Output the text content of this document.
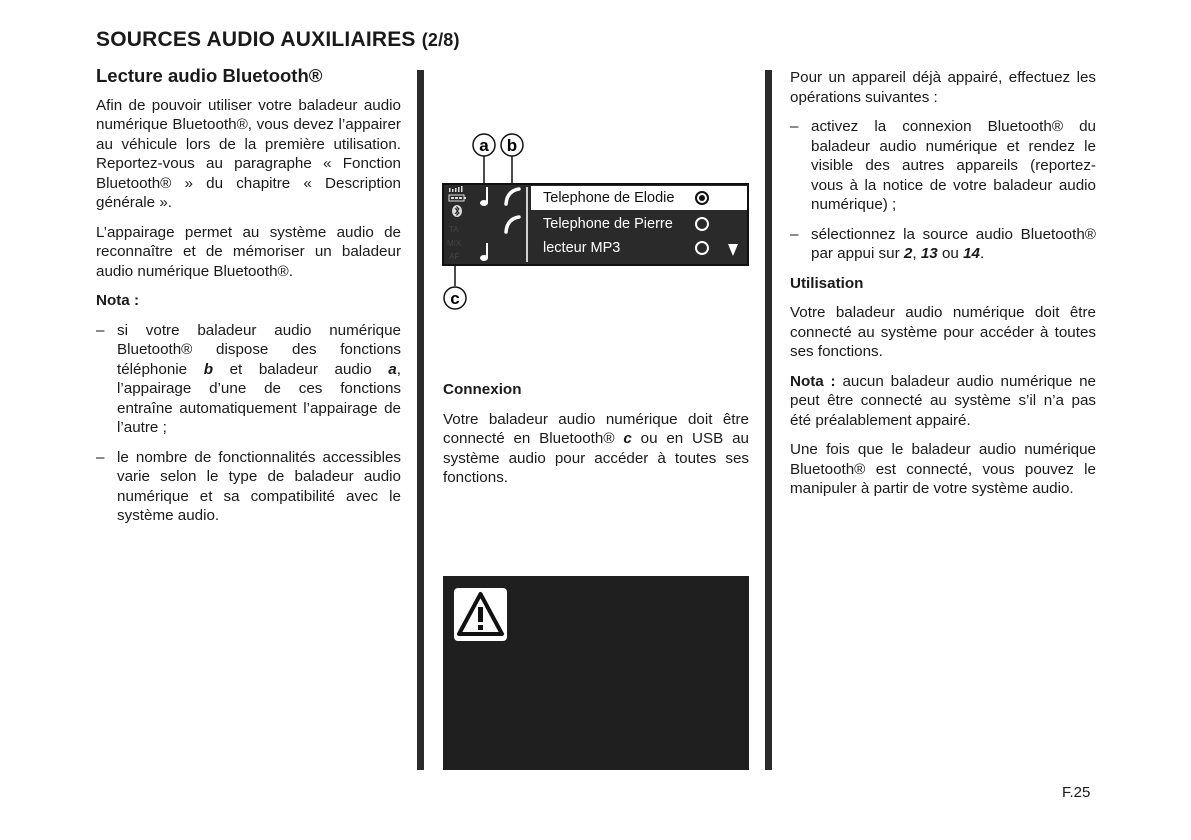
SOURCES AUDIO AUXILIAIRES (2/8)
Lecture audio Bluetooth®

Afin de pouvoir utiliser votre baladeur audio numérique Bluetooth®, vous devez l’appairer au véhicule lors de la première utilisation. Reportez-vous au paragraphe « Fonction Bluetooth® » du chapitre « Description générale ».

L’appairage permet au système audio de reconnaître et de mémoriser un baladeur audio numérique Bluetooth®.

Nota :

– si votre baladeur audio numérique Bluetooth® dispose des fonctions téléphonie b et baladeur audio a, l’appairage d’une de ces fonctions entraîne automatiquement l’appairage de l’autre ;
– le nombre de fonctionnalités accessibles varie selon le type de baladeur audio numérique et sa compatibilité avec le système audio.
a b
c
TA
MIX
AF
Telephone de Elodie
Telephone de Pierre
lecteur MP3

Connexion

Votre baladeur audio numérique doit être connecté en Bluetooth® c ou en USB au système audio pour accéder à toutes ses fonctions.

Pour un appareil déjà appairé, effectuez les opérations suivantes :

– activez la connexion Bluetooth® du baladeur audio numérique et rendez le visible des autres appareils (reportez-vous à la notice de votre baladeur audio numérique) ;
– sélectionnez la source audio Bluetooth® par appui sur 2, 13 ou 14.

Utilisation

Votre baladeur audio numérique doit être connecté au système pour accéder à toutes ses fonctions.

Nota : aucun baladeur audio numérique ne peut être connecté au système s’il n’a pas été préalablement appairé.

Une fois que le baladeur audio numérique Bluetooth® est connecté, vous pouvez le manipuler à partir de votre système audio.

F.25
